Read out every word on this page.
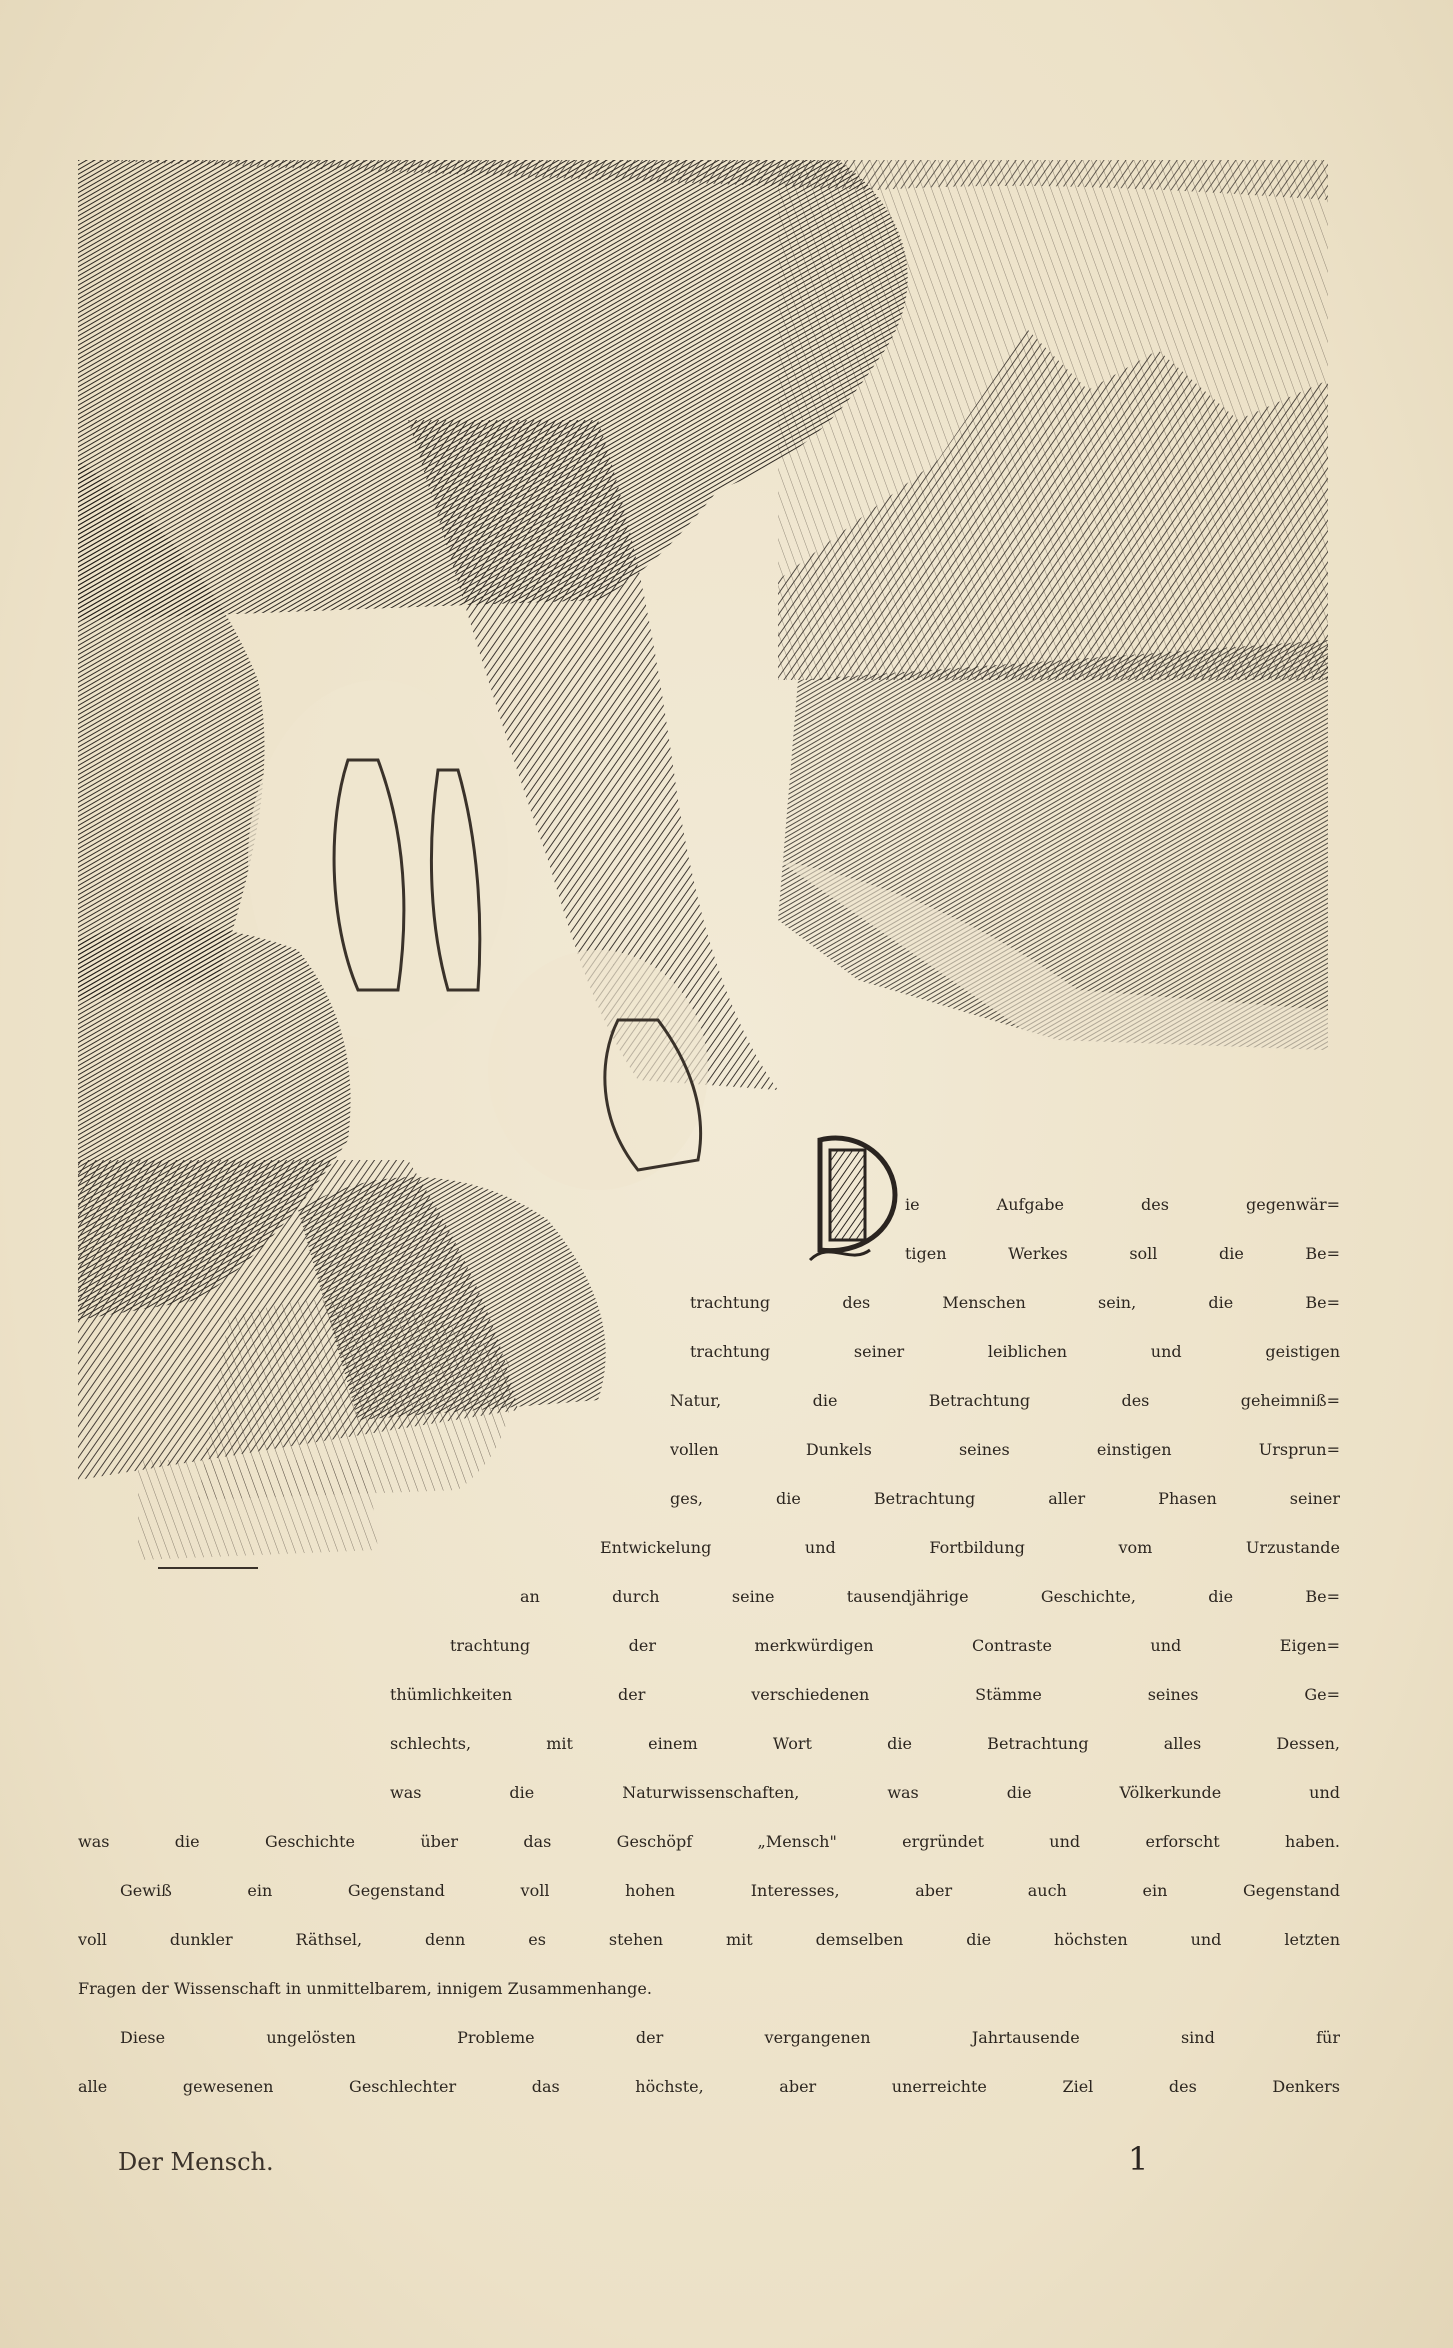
ie Aufgabe des gegenwär=
tigen Werkes soll die Be=
trachtung des Menschen sein, die Be=
trachtung seiner leiblichen und geistigen
Natur, die Betrachtung des geheimniß=
vollen Dunkels seines einstigen Ursprun=
ges, die Betrachtung aller Phasen seiner
Entwickelung und Fortbildung vom Urzustande
an durch seine tausendjährige Geschichte, die Be=
trachtung der merkwürdigen Contraste und Eigen=
thümlichkeiten der verschiedenen Stämme seines Ge=
schlechts, mit einem Wort die Betrachtung alles Dessen,
was die Naturwissenschaften, was die Völkerkunde und
was die Geschichte über das Geschöpf „Mensch" ergründet und erforscht haben.
Gewiß ein Gegenstand voll hohen Interesses, aber auch ein Gegenstand
voll dunkler Räthsel, denn es stehen mit demselben die höchsten und letzten
Fragen der Wissenschaft in unmittelbarem, innigem Zusammenhange.
Diese ungelösten Probleme der vergangenen Jahrtausende sind für
alle gewesenen Geschlechter das höchste, aber unerreichte Ziel des Denkers
Der Mensch.	1
